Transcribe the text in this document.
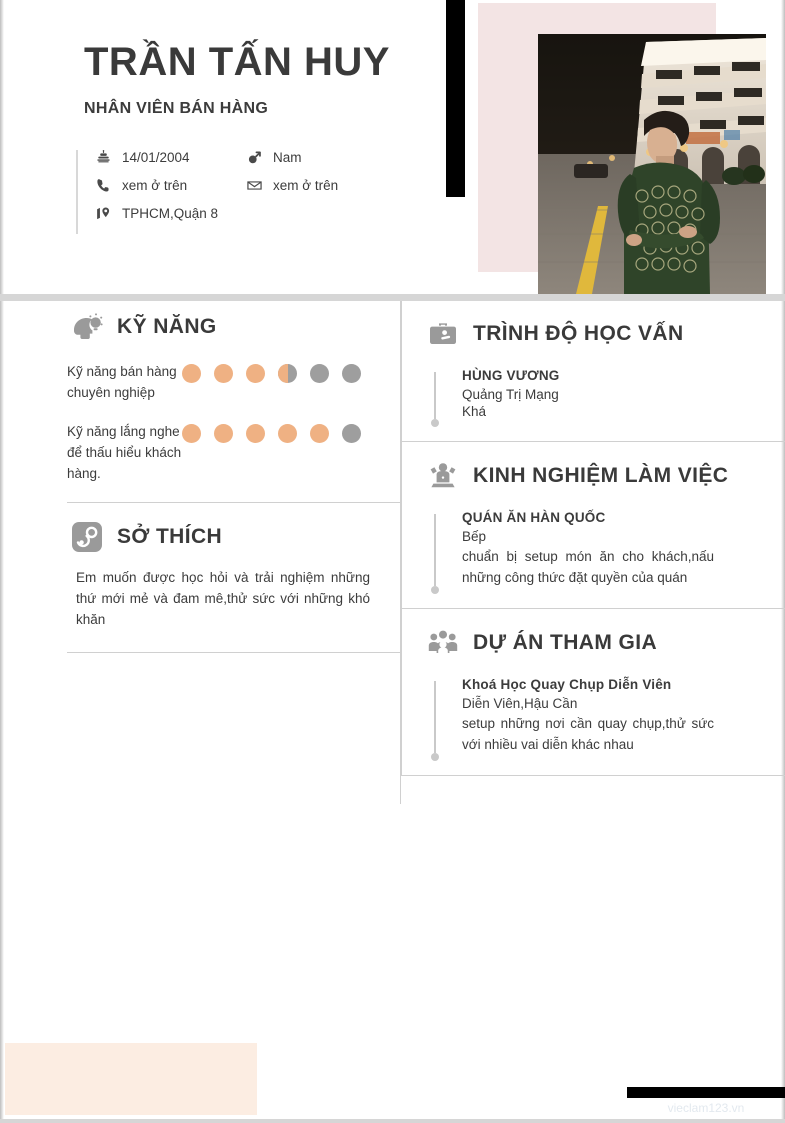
TRẦN TẤN HUY
NHÂN VIÊN BÁN HÀNG
14/01/2004	Nam
xem ở trên	xem ở trên
TPHCM,Quận 8
KỸ NĂNG
Kỹ năng bán hàng chuyên nghiệp
Kỹ năng lắng nghe để thấu hiểu khách hàng.
SỞ THÍCH
Em muốn được học hỏi và trải nghiệm những thứ mới mẻ và đam mê,thử sức với những khó khăn
TRÌNH ĐỘ HỌC VẤN
HÙNG VƯƠNG
Quảng Trị Mạng
Khá
KINH NGHIỆM LÀM VIỆC
QUÁN ĂN HÀN QUỐC
Bếp
chuẩn bị setup món ăn cho khách,nấu những công thức đặt quyền của quán
DỰ ÁN THAM GIA
Khoá Học Quay Chụp Diễn Viên
Diễn Viên,Hậu Cần
setup những nơi cần quay chụp,thử sức với nhiều vai diễn khác nhau
vieclam123.vn
